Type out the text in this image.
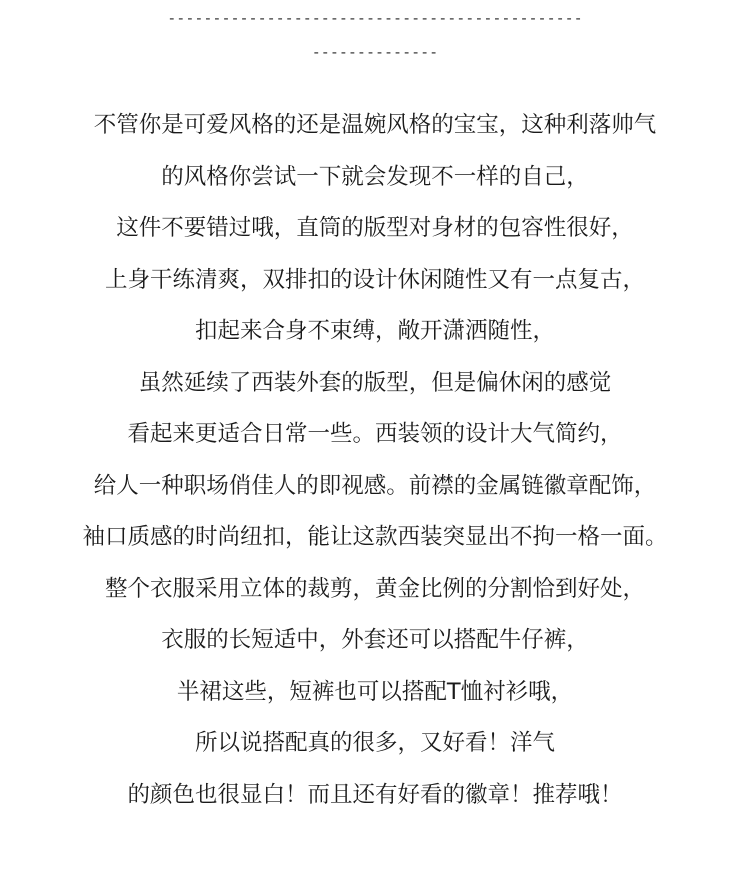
----------------------------------------------
--------------
不管你是可爱风格的还是温婉风格的宝宝，这种利落帅气
的风格你尝试一下就会发现不一样的自己，
这件不要错过哦，直筒的版型对身材的包容性很好，
上身干练清爽，双排扣的设计休闲随性又有一点复古，
扣起来合身不束缚，敞开潇洒随性，
虽然延续了西装外套的版型，但是偏休闲的感觉
看起来更适合日常一些。西装领的设计大气简约，
给人一种职场俏佳人的即视感。前襟的金属链徽章配饰，
袖口质感的时尚纽扣，能让这款西装突显出不拘一格一面。
整个衣服采用立体的裁剪，黄金比例的分割恰到好处，
衣服的长短适中，外套还可以搭配牛仔裤，
半裙这些，短裤也可以搭配T恤衬衫哦，
所以说搭配真的很多，又好看！洋气
的颜色也很显白！而且还有好看的徽章！推荐哦！
